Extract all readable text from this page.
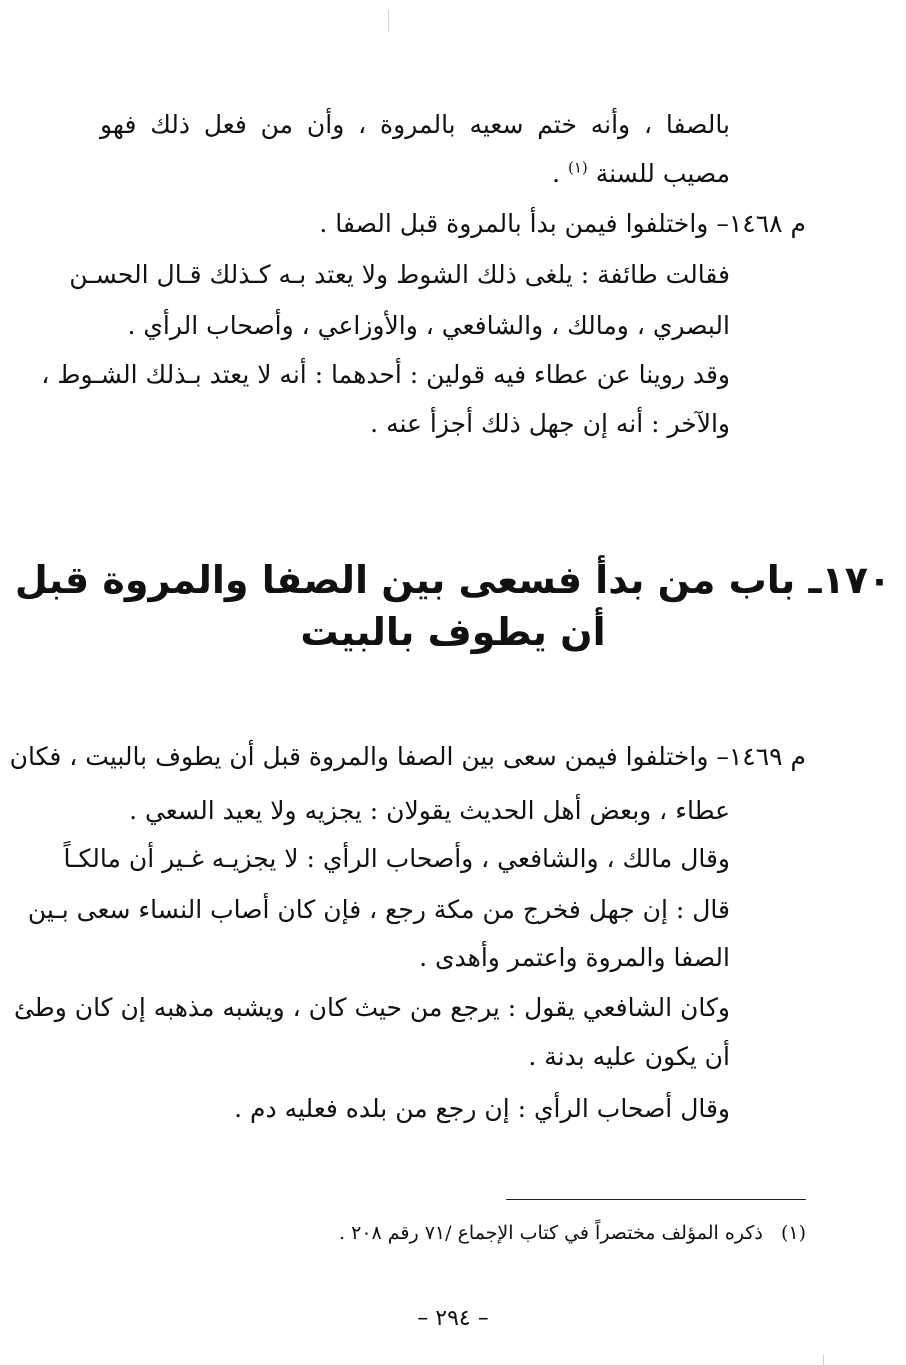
بالصفا ، وأنه ختم سعيه بالمروة ، وأن من فعل ذلك فهو
مصيب للسنة $^{(١)}$ .
م ١٤٦٨– واختلفوا فيمن بدأ بالمروة قبل الصفا .
فقالت طائفة : يلغى ذلك الشوط ولا يعتد بـه كـذلك قـال الحسـن
البصري ، ومالك ، والشافعي ، والأوزاعي ، وأصحاب الرأي .
وقد روينا عن عطاء فيه قولين : أحدهما : أنه لا يعتد بـذلك الشـوط ،
والآخر : أنه إن جهل ذلك أجزأ عنه .
١٧٠ـ باب من بدأ فسعى بين الصفا والمروة قبل
أن يطوف بالبيت
م ١٤٦٩– واختلفوا فيمن سعى بين الصفا والمروة قبل أن يطوف بالبيت ، فكان
عطاء ، وبعض أهل الحديث يقولان : يجزيه ولا يعيد السعي .
وقال مالك ، والشافعي ، وأصحاب الرأي : لا يجزيـه غـير أن مالكـاً
قال : إن جهل فخرج من مكة رجع ، فإن كان أصاب النساء سعى بـين
الصفا والمروة واعتمر وأهدى .
وكان الشافعي يقول : يرجع من حيث كان ، ويشبه مذهبه إن كان وطئ
أن يكون عليه بدنة .
وقال أصحاب الرأي : إن رجع من بلده فعليه دم .
(١)   ذكره المؤلف مختصراً في كتاب الإجماع /٧١ رقم ٢٠٨ .
– ٢٩٤ –
